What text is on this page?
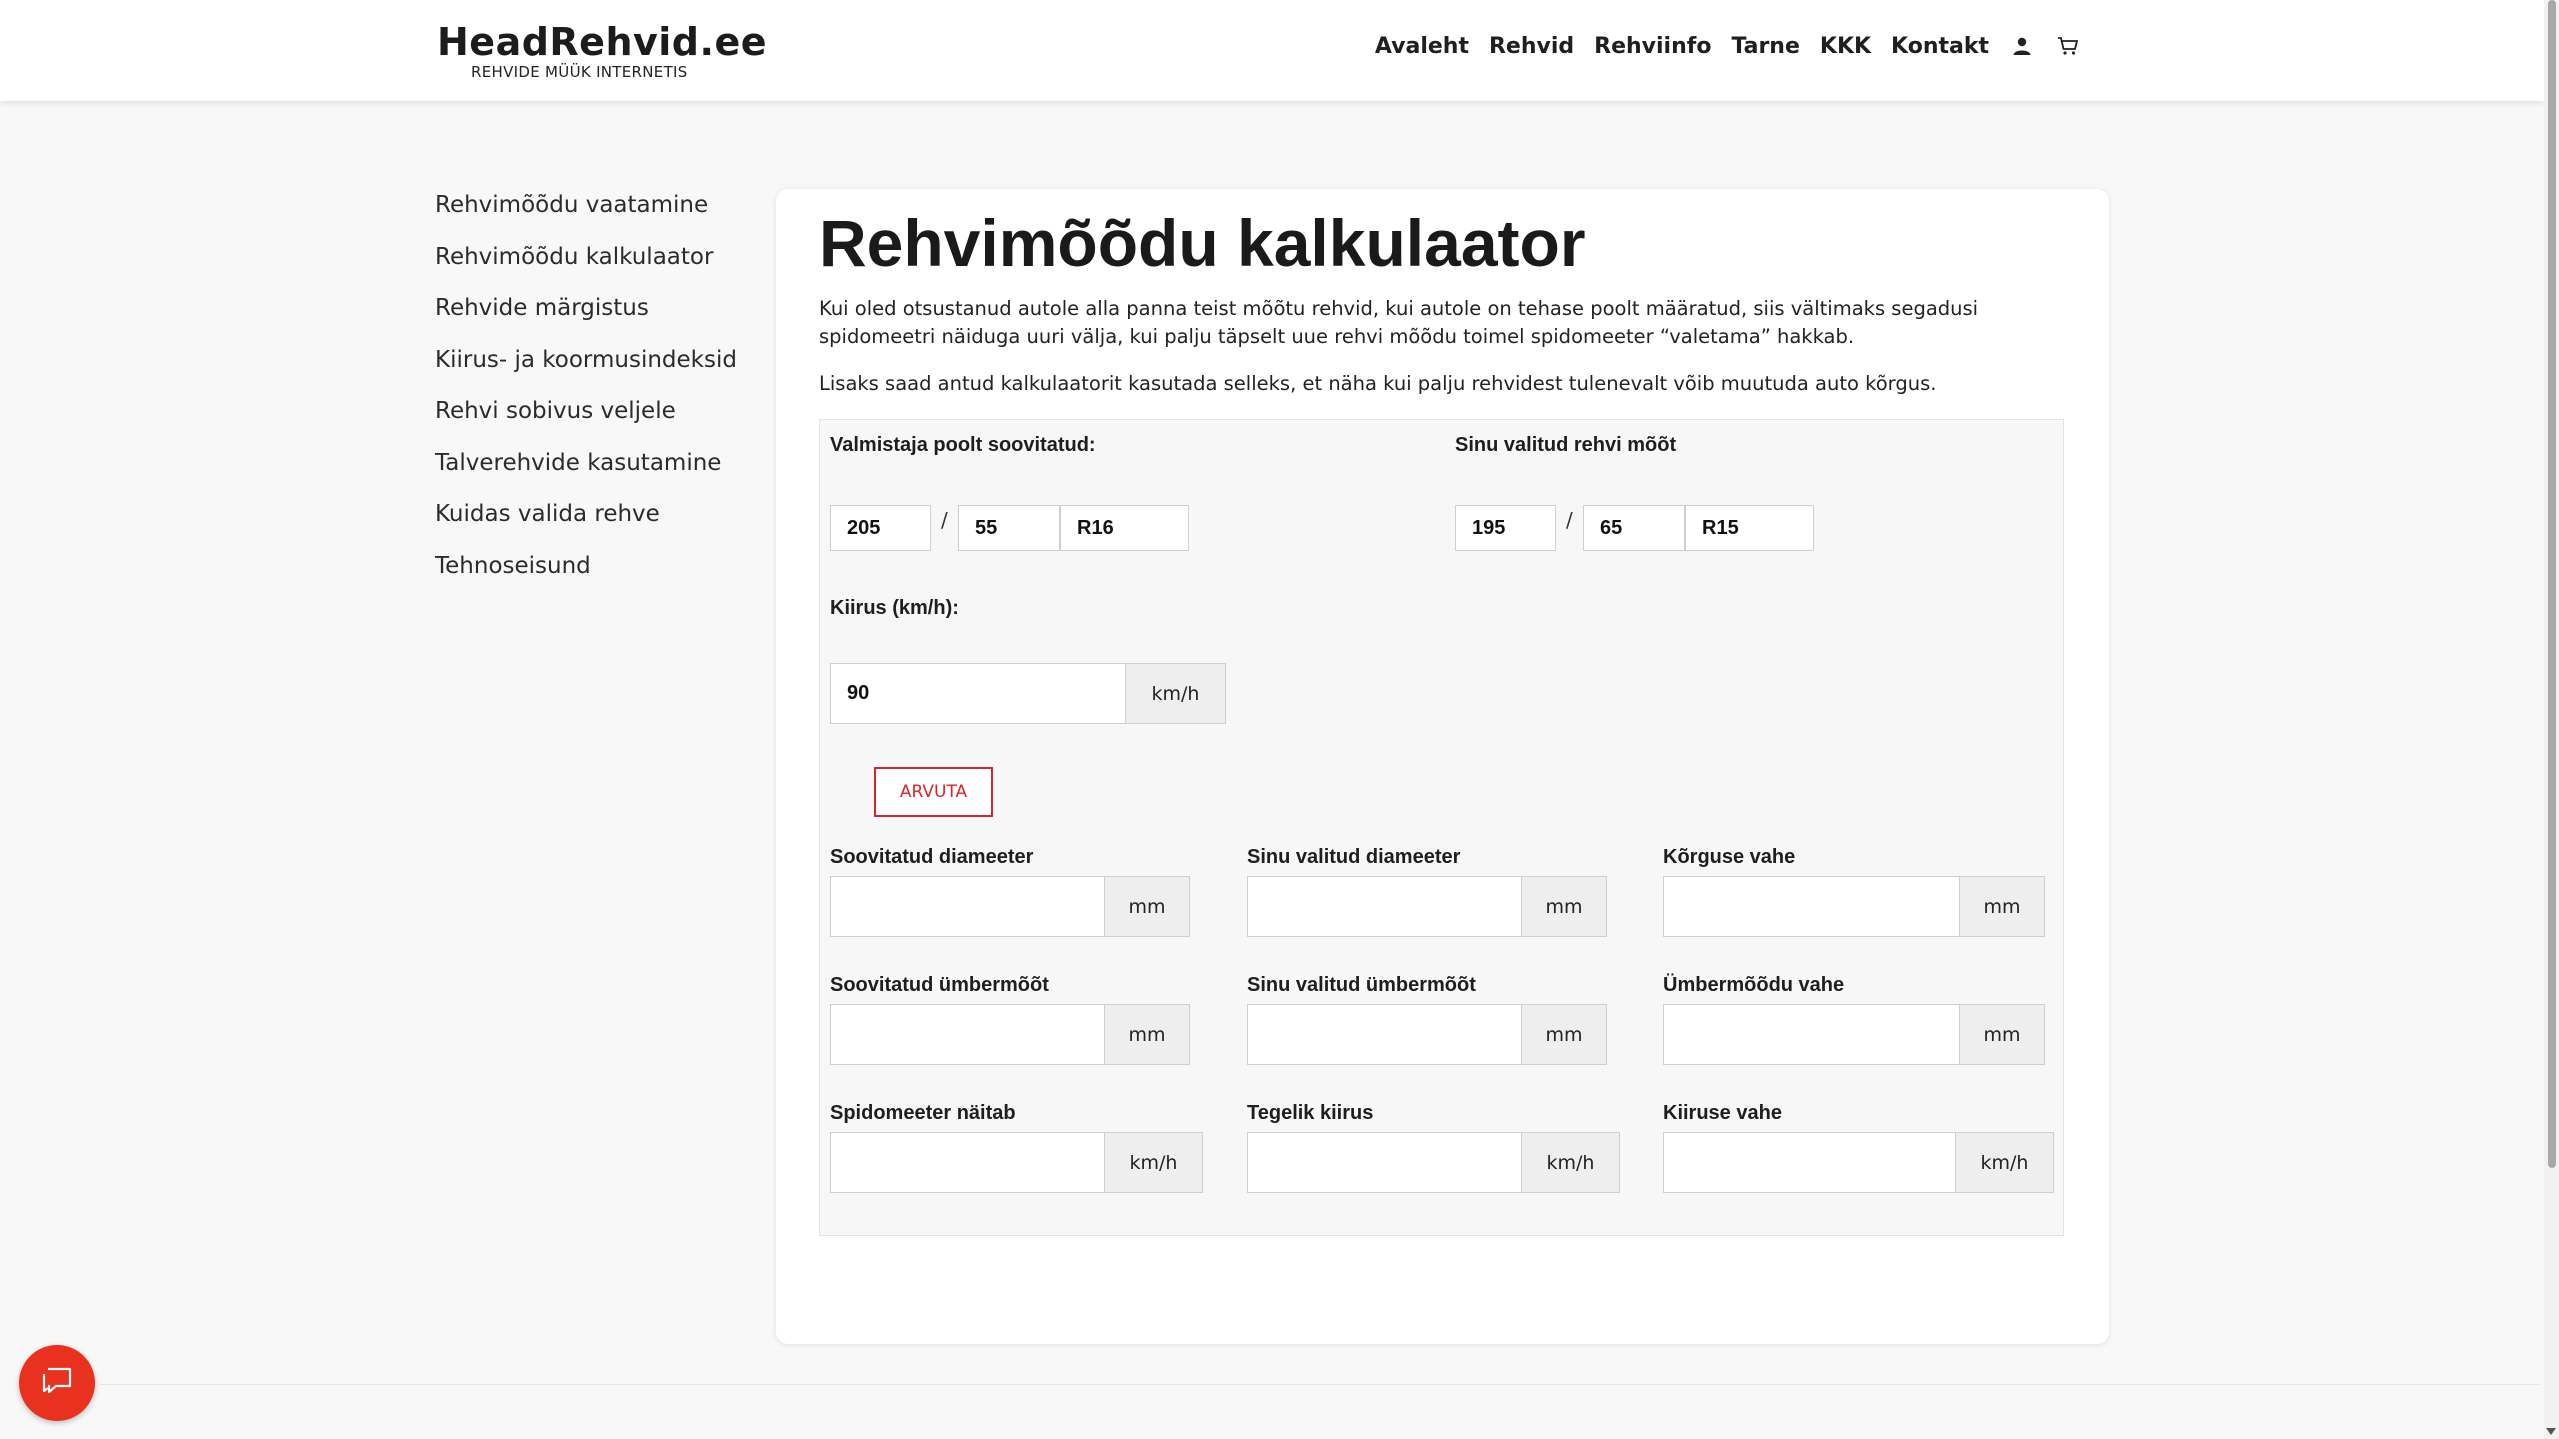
HeadRehvid.ee
REHVIDE MÜÜK INTERNETIS
Avaleht Rehvid Rehviinfo Tarne KKK Kontakt
Rehvimõõdu vaatamine
Rehvimõõdu kalkulaator
Rehvide märgistus
Kiirus- ja koormusindeksid
Rehvi sobivus veljele
Talverehvide kasutamine
Kuidas valida rehve
Tehnoseisund
Rehvimõõdu kalkulaator

Kui oled otsustanud autole alla panna teist mõõtu rehvid, kui autole on tehase poolt määratud, siis vältimaks segadusi spidomeetri näiduga uuri välja, kui palju täpselt uue rehvi mõõdu toimel spidomeeter “valetama” hakkab.

Lisaks saad antud kalkulaatorit kasutada selleks, et näha kui palju rehvidest tulenevalt võib muutuda auto kõrgus.

Valmistaja poolt soovitatud:
205	/	55	R16
Sinu valitud rehvi mõõt
195	/	65	R15
Kiirus (km/h):
90	km/h
ARVUTA
Soovitatud diameeter
mm
Sinu valitud diameeter
mm
Kõrguse vahe
mm
Soovitatud ümbermõõt
mm
Sinu valitud ümbermõõt
mm
Ümbermõõdu vahe
mm
Spidomeeter näitab
km/h
Tegelik kiirus
km/h
Kiiruse vahe
km/h
